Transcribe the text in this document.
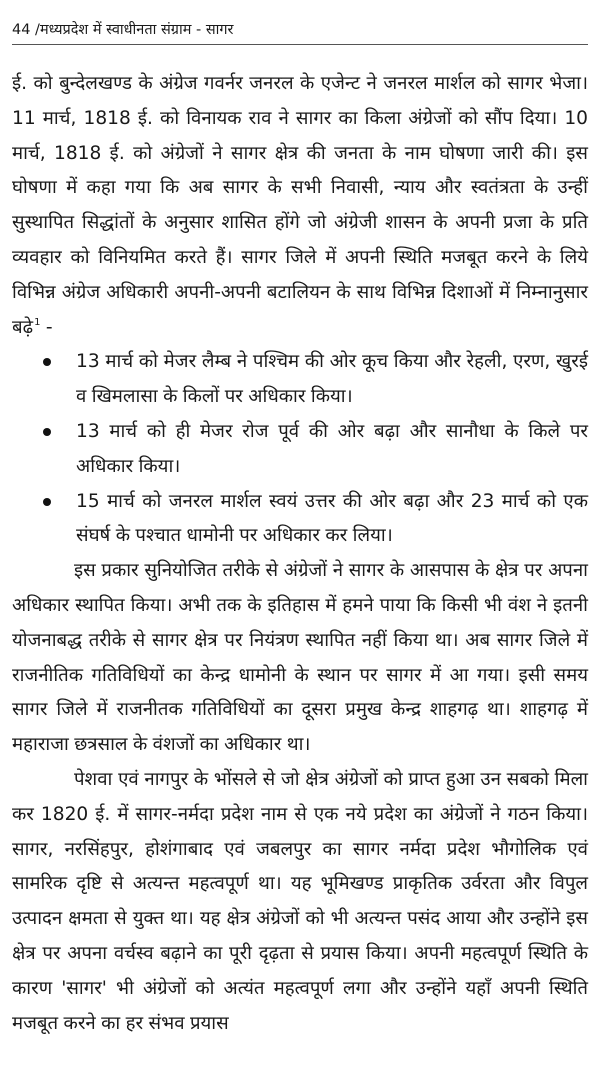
44 /मध्यप्रदेश में स्वाधीनता संग्राम - सागर

ई. को बुन्देलखण्ड के अंग्रेज गवर्नर जनरल के एजेन्ट ने जनरल मार्शल को सागर भेजा। 11 मार्च, 1818 ई. को विनायक राव ने सागर का किला अंग्रेजों को सौंप दिया। 10 मार्च, 1818 ई. को अंग्रेजों ने सागर क्षेत्र की जनता के नाम घोषणा जारी की। इस घोषणा में कहा गया कि अब सागर के सभी निवासी, न्याय और स्वतंत्रता के उन्हीं सुस्थापित सिद्धांतों के अनुसार शासित होंगे जो अंग्रेजी शासन के अपनी प्रजा के प्रति व्यवहार को विनियमित करते हैं। सागर जिले में अपनी स्थिति मजबूत करने के लिये विभिन्न अंग्रेज अधिकारी अपनी-अपनी बटालियन के साथ विभिन्न दिशाओं में निम्नानुसार बढ़े$^1$ -

13 मार्च को मेजर लैम्ब ने पश्चिम की ओर कूच किया और रेहली, एरण, खुरई व खिमलासा के किलों पर अधिकार किया।
13 मार्च को ही मेजर रोज पूर्व की ओर बढ़ा और सानौधा के किले पर अधिकार किया।
15 मार्च को जनरल मार्शल स्वयं उत्तर की ओर बढ़ा और 23 मार्च को एक संघर्ष के पश्चात धामोनी पर अधिकार कर लिया।

इस प्रकार सुनियोजित तरीके से अंग्रेजों ने सागर के आसपास के क्षेत्र पर अपना अधिकार स्थापित किया। अभी तक के इतिहास में हमने पाया कि किसी भी वंश ने इतनी योजनाबद्ध तरीके से सागर क्षेत्र पर नियंत्रण स्थापित नहीं किया था। अब सागर जिले में राजनीतिक गतिविधियों का केन्द्र धामोनी के स्थान पर सागर में आ गया। इसी समय सागर जिले में राजनीतक गतिविधियों का दूसरा प्रमुख केन्द्र शाहगढ़ था। शाहगढ़ में महाराजा छत्रसाल के वंशजों का अधिकार था।

पेशवा एवं नागपुर के भोंसले से जो क्षेत्र अंग्रेजों को प्राप्त हुआ उन सबको मिला कर 1820 ई. में सागर-नर्मदा प्रदेश नाम से एक नये प्रदेश का अंग्रेजों ने गठन किया। सागर, नरसिंहपुर, होशंगाबाद एवं जबलपुर का सागर नर्मदा प्रदेश भौगोलिक एवं सामरिक दृष्टि से अत्यन्त महत्वपूर्ण था। यह भूमिखण्ड प्राकृतिक उर्वरता और विपुल उत्पादन क्षमता से युक्त था। यह क्षेत्र अंग्रेजों को भी अत्यन्त पसंद आया और उन्होंने इस क्षेत्र पर अपना वर्चस्व बढ़ाने का पूरी दृढ़ता से प्रयास किया। अपनी महत्वपूर्ण स्थिति के कारण 'सागर' भी अंग्रेजों को अत्यंत महत्वपूर्ण लगा और उन्होंने यहाँ अपनी स्थिति मजबूत करने का हर संभव प्रयास
